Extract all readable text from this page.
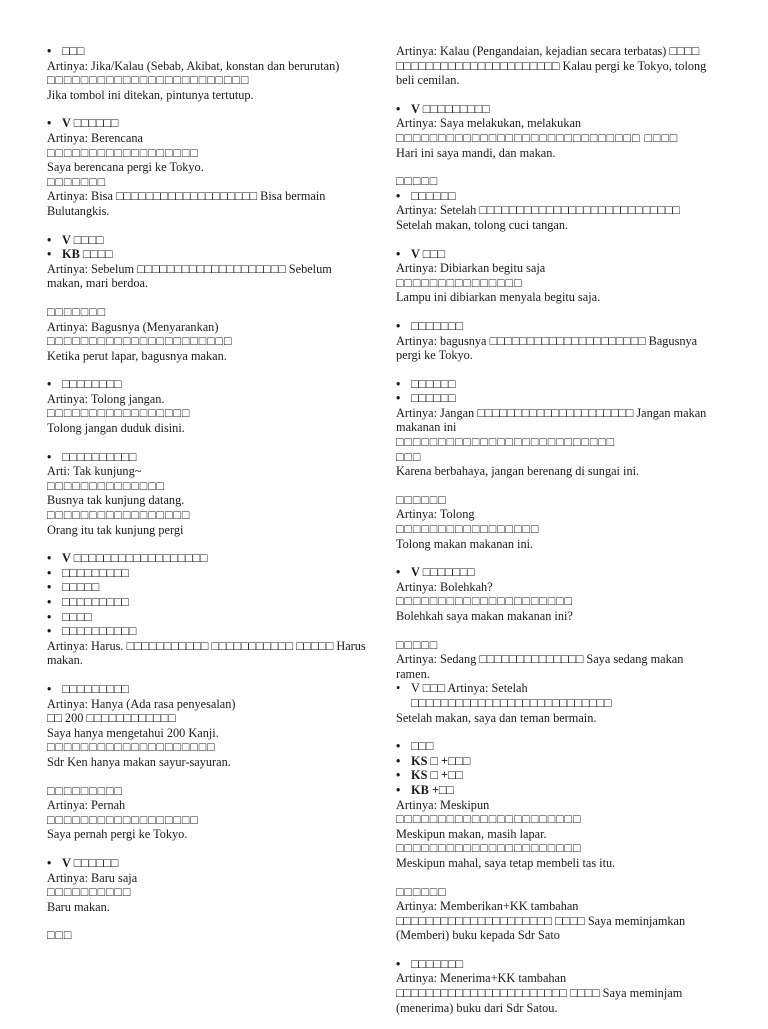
• □□□
Artinya: Jika/Kalau (Sebab, Akibat, konstan dan berurutan)
□□□□□□□□□□□□□□□□□□□□□□□□
Jika tombol ini ditekan, pintunya tertutup.
• V □□□□□□
Artinya: Berencana
□□□□□□□□□□□□□□□□□□
Saya berencana pergi ke Tokyo.
□□□□□□□
Artinya: Bisa □□□□□□□□□□□□□□□□□□□ Bisa bermain Bulutangkis.
• V □□□□
• KB □□□□
Artinya: Sebelum □□□□□□□□□□□□□□□□□□□□ Sebelum makan, mari berdoa.
□□□□□□□
Artinya: Bagusnya (Menyarankan)
□□□□□□□□□□□□□□□□□□□□□□
Ketika perut lapar, bagusnya makan.
• □□□□□□□□
Artinya: Tolong jangan.
□□□□□□□□□□□□□□□□□
Tolong jangan duduk disini.
• □□□□□□□□□□
Arti: Tak kunjung~
□□□□□□□□□□□□□□
Busnya tak kunjung datang.
□□□□□□□□□□□□□□□□□
Orang itu tak kunjung pergi
• V □□□□□□□□□□□□□□□□□□
• □□□□□□□□□
• □□□□□
• □□□□□□□□□
• □□□□
• □□□□□□□□□□
Artinya: Harus. □□□□□□□□□□□ □□□□□□□□□□□ □□□□□ Harus makan.
• □□□□□□□□□
Artinya: Hanya (Ada rasa penyesalan)
□□ 200 □□□□□□□□□□□□
Saya hanya mengetahui 200 Kanji.
□□□□□□□□□□□□□□□□□□□□
Sdr Ken hanya makan sayur-sayuran.
□□□□□□□□□
Artinya: Pernah
□□□□□□□□□□□□□□□□□□
Saya pernah pergi ke Tokyo.
• V □□□□□□
Artinya: Baru saja
□□□□□□□□□□
Baru makan.
□□□
Artinya: Kalau (Pengandaian, kejadian secara terbatas) □□□□ □□□□□□□□□□□□□□□□□□□□□□ Kalau pergi ke Tokyo, tolong beli cemilan.
• V □□□□□□□□□
Artinya: Saya melakukan, melakukan
□□□□□□□□□□□□□□□□□□□□□□□□□□□□□ □□□□
Hari ini saya mandi, dan makan.
□□□□□
• □□□□□□
Artinya: Setelah □□□□□□□□□□□□□□□□□□□□□□□□□□□ Setelah makan, tolong cuci tangan.
• V □□□
Artinya: Dibiarkan begitu saja
□□□□□□□□□□□□□□□
Lampu ini dibiarkan menyala begitu saja.
• □□□□□□□
Artinya: bagusnya □□□□□□□□□□□□□□□□□□□□□ Bagusnya pergi ke Tokyo.
• □□□□□□
• □□□□□□
Artinya: Jangan □□□□□□□□□□□□□□□□□□□□□ Jangan makan makanan ini
□□□□□□□□□□□□□□□□□□□□□□□□□□
□□□
Karena berbahaya, jangan berenang di sungai ini.
□□□□□□
Artinya: Tolong
□□□□□□□□□□□□□□□□□
Tolong makan makanan ini.
• V □□□□□□□
Artinya: Bolehkah?
□□□□□□□□□□□□□□□□□□□□□
Bolehkah saya makan makanan ini?
□□□□□
Artinya: Sedang □□□□□□□□□□□□□□ Saya sedang makan ramen.
• V □□□ Artinya: Setelah □□□□□□□□□□□□□□□□□□□□□□□□□□□
Setelah makan, saya dan teman bermain.
• □□□
• KS □ +□□□
• KS □ +□□
• KB +□□
Artinya: Meskipun
□□□□□□□□□□□□□□□□□□□□□□
Meskipun makan, masih lapar.
□□□□□□□□□□□□□□□□□□□□□□
Meskipun mahal, saya tetap membeli tas itu.
□□□□□□
Artinya: Memberikan+KK tambahan □□□□□□□□□□□□□□□□□□□□□ □□□□ Saya meminjamkan (Memberi) buku kepada Sdr Sato
• □□□□□□□
Artinya: Menerima+KK tambahan □□□□□□□□□□□□□□□□□□□□□□□ □□□□ Saya meminjam (menerima) buku dari Sdr Satou.
